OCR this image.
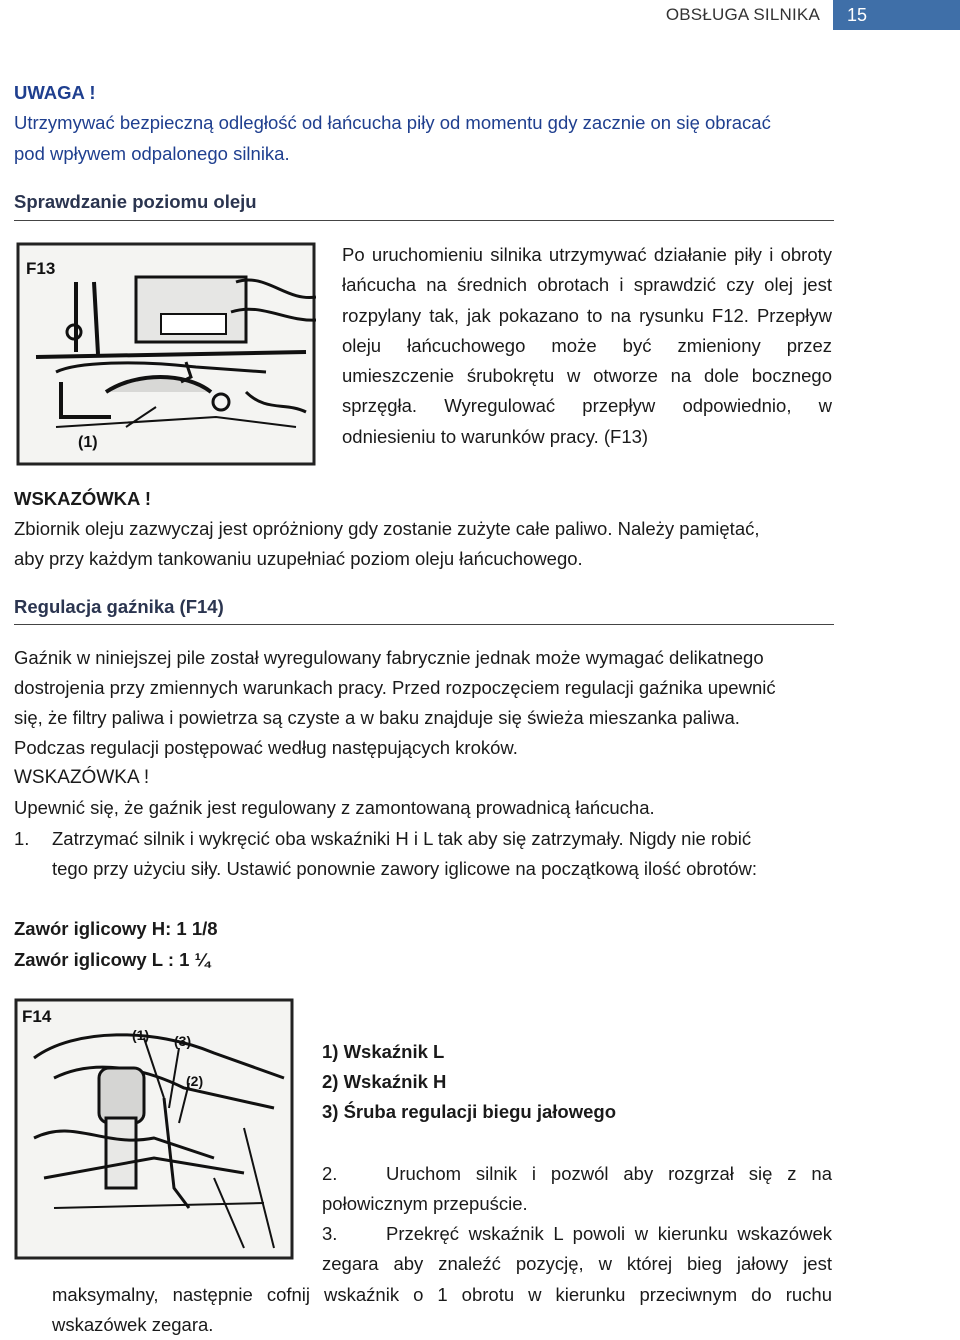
OBSŁUGA SILNIKA	15
UWAGA !
Utrzymywać bezpieczną odległość od łańcucha piły od momentu gdy zacznie on się obracać
pod wpływem odpalonego silnika.
Sprawdzanie poziomu oleju
F13
(1)
Po uruchomieniu silnika utrzymywać działanie piły i obroty łańcucha na średnich obrotach i sprawdzić czy olej jest rozpylany tak, jak pokazano to na rysunku F12. Przepływ oleju łańcuchowego może być zmieniony przez umieszczenie śrubokrętu w otworze na dole bocznego sprzęgła. Wyregulować przepływ odpowiednio, w odniesieniu to warunków pracy. (F13)
WSKAZÓWKA !
Zbiornik oleju zazwyczaj jest opróżniony gdy zostanie zużyte całe paliwo. Należy pamiętać,
aby przy każdym tankowaniu uzupełniać poziom oleju łańcuchowego.
Regulacja gaźnika (F14)
Gaźnik w niniejszej pile został wyregulowany fabrycznie jednak może wymagać delikatnego
dostrojenia przy zmiennych warunkach pracy. Przed rozpoczęciem regulacji gaźnika upewnić
się, że filtry paliwa i powietrza są czyste a w baku znajduje się świeża mieszanka paliwa.
Podczas regulacji postępować według następujących kroków.
WSKAZÓWKA !
Upewnić się, że gaźnik jest regulowany z zamontowaną prowadnicą łańcucha.
1. Zatrzymać silnik i wykręcić oba wskaźniki H i L tak aby się zatrzymały. Nigdy nie robić
tego przy użyciu siły. Ustawić ponownie zawory iglicowe na początkową ilość obrotów:
Zawór iglicowy H: 1 1/8
Zawór iglicowy L : 1 ¼
F14
(1) (3)
(2)
1) Wskaźnik L
2) Wskaźnik H
3) Śruba regulacji biegu jałowego
2.	Uruchom silnik i pozwól aby rozgrzał się z na
połowicznym przepuście.
3.	Przekręć wskaźnik L powoli w kierunku wskazówek
zegara aby znaleźć pozycję, w której bieg jałowy jest
maksymalny, następnie cofnij wskaźnik o 1 obrotu w kierunku przeciwnym do ruchu
wskazówek zegara.
